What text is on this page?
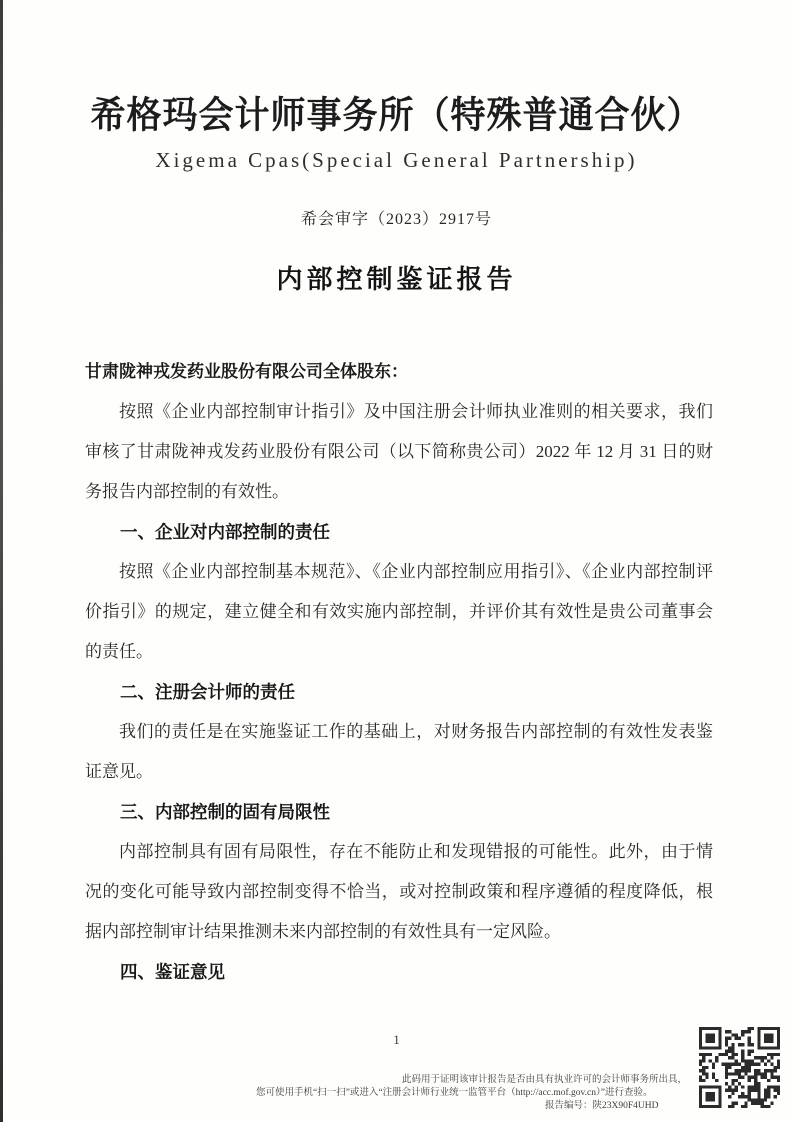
希格玛会计师事务所（特殊普通合伙）
Xigema Cpas(Special General Partnership)
希会审字（2023）2917号
内部控制鉴证报告
甘肃陇神戎发药业股份有限公司全体股东：

按照《企业内部控制审计指引》及中国注册会计师执业准则的相关要求，我们审核了甘肃陇神戎发药业股份有限公司（以下简称贵公司）2022 年 12 月 31 日的财务报告内部控制的有效性。

一、企业对内部控制的责任

按照《企业内部控制基本规范》、《企业内部控制应用指引》、《企业内部控制评价指引》的规定，建立健全和有效实施内部控制，并评价其有效性是贵公司董事会的责任。

二、注册会计师的责任

我们的责任是在实施鉴证工作的基础上，对财务报告内部控制的有效性发表鉴证意见。

三、内部控制的固有局限性

内部控制具有固有局限性，存在不能防止和发现错报的可能性。此外，由于情况的变化可能导致内部控制变得不恰当，或对控制政策和程序遵循的程度降低，根据内部控制审计结果推测未来内部控制的有效性具有一定风险。

四、鉴证意见

1
此码用于证明该审计报告是否由具有执业许可的会计师事务所出具，
您可使用手机“扫一扫”或进入“注册会计师行业统一监管平台（http://acc.mof.gov.cn）”进行查验。
报告编号：陕23X90F4UHD
